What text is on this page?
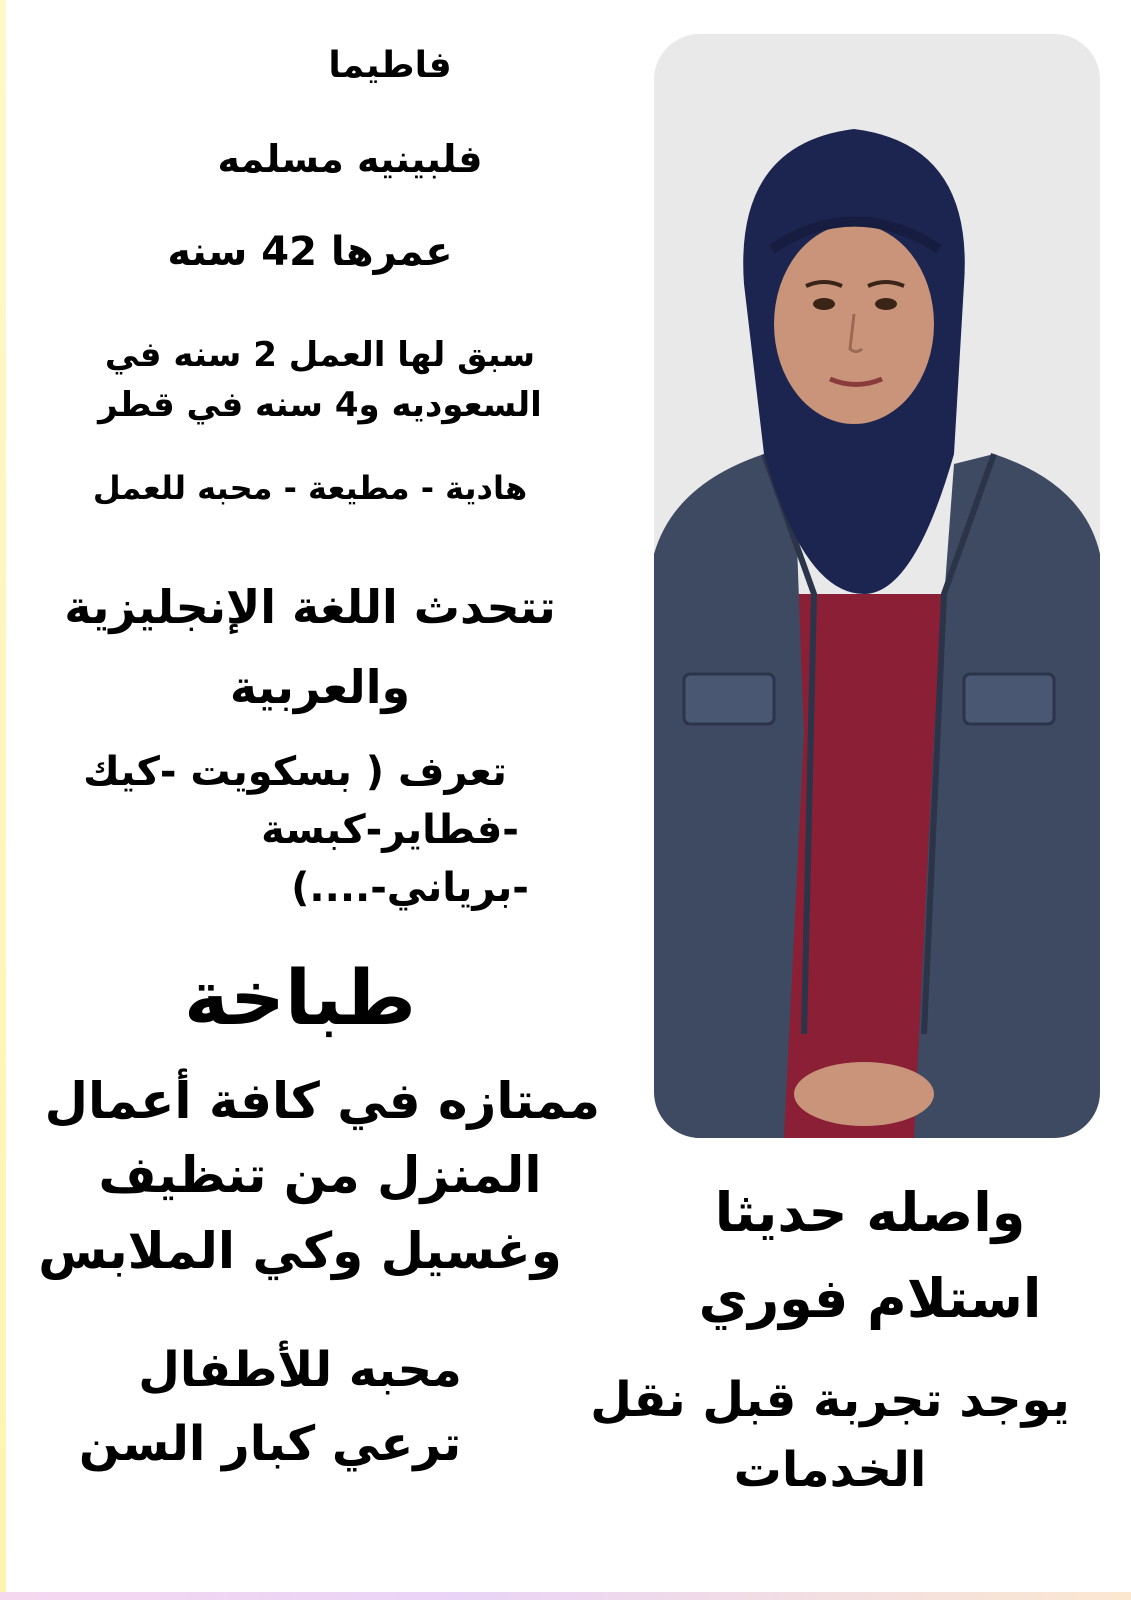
فاطيما
فلبينيه مسلمه
عمرها 42 سنه
سبق لها العمل 2 سنه في
السعوديه و4 سنه في قطر
هادية - مطيعة - محبه للعمل
تتحدث اللغة الإنجليزية
والعربية
تعرف ( بسكويت -كيك
-فطاير-كبسة
-برياني-....)
طباخة
ممتازه في كافة أعمال
المنزل من تنظيف
وغسيل وكي الملابس
محبه للأطفال
ترعي كبار السن
واصله حديثا
استلام فوري
يوجد تجربة قبل نقل
الخدمات
